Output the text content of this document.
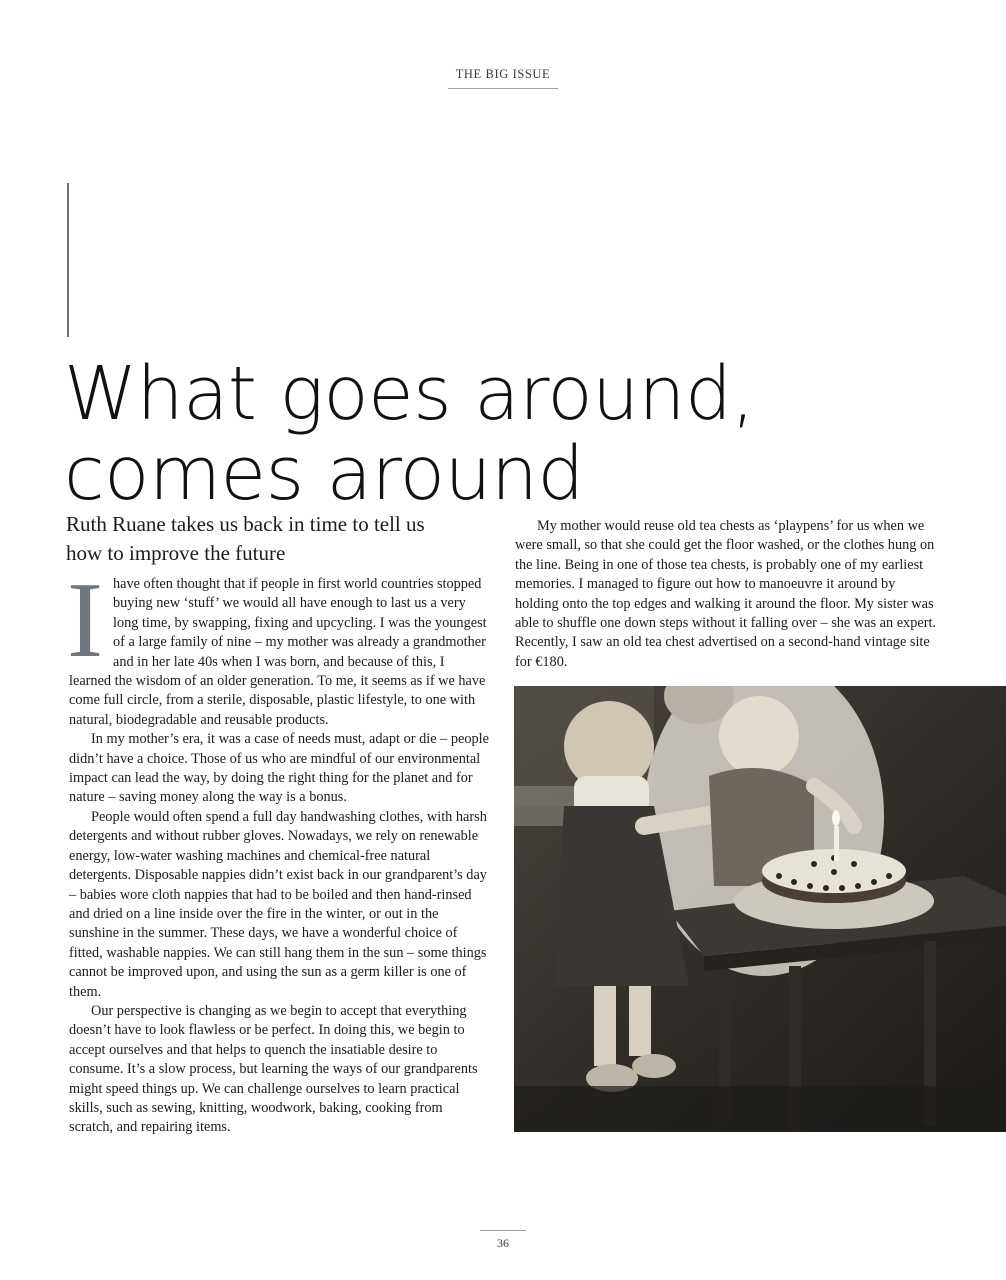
THE BIG ISSUE
What goes around,
comes around
Ruth Ruane takes us back in time to tell us
how to improve the future

Ihave often thought that if people in first world countries stopped buying new ‘stuff’ we would all have enough to last us a very long time, by swapping, fixing and upcycling. I was the youngest of a large family of nine – my mother was already a grandmother and in her late 40s when I was born, and because of this, I learned the wisdom of an older generation. To me, it seems as if we have come full circle, from a sterile, disposable, plastic lifestyle, to one with natural, biodegradable and reusable products.

In my mother’s era, it was a case of needs must, adapt or die – people didn’t have a choice. Those of us who are mindful of our environmental impact can lead the way, by doing the right thing for the planet and for nature – saving money along the way is a bonus.

People would often spend a full day handwashing clothes, with harsh detergents and without rubber gloves. Nowadays, we rely on renewable energy, low-water washing machines and chemical-free natural detergents. Disposable nappies didn’t exist back in our grandparent’s day – babies wore cloth nappies that had to be boiled and then hand-rinsed and dried on a line inside over the fire in the winter, or out in the sunshine in the summer. These days, we have a wonderful choice of fitted, washable nappies. We can still hang them in the sun – some things cannot be improved upon, and using the sun as a germ killer is one of them.

Our perspective is changing as we begin to accept that everything doesn’t have to look flawless or be perfect. In doing this, we begin to accept ourselves and that helps to quench the insatiable desire to consume. It’s a slow process, but learning the ways of our grandparents might speed things up. We can challenge ourselves to learn practical skills, such as sewing, knitting, woodwork, baking, cooking from scratch, and repairing items.

My mother would reuse old tea chests as ‘playpens’ for us when we were small, so that she could get the floor washed, or the clothes hung on the line. Being in one of those tea chests, is probably one of my earliest memories. I managed to figure out how to manoeuvre it around by holding onto the top edges and walking it around the floor. My sister was able to shuffle one down steps without it falling over – she was an expert. Recently, I saw an old tea chest advertised on a second-hand vintage site for €180.

36
